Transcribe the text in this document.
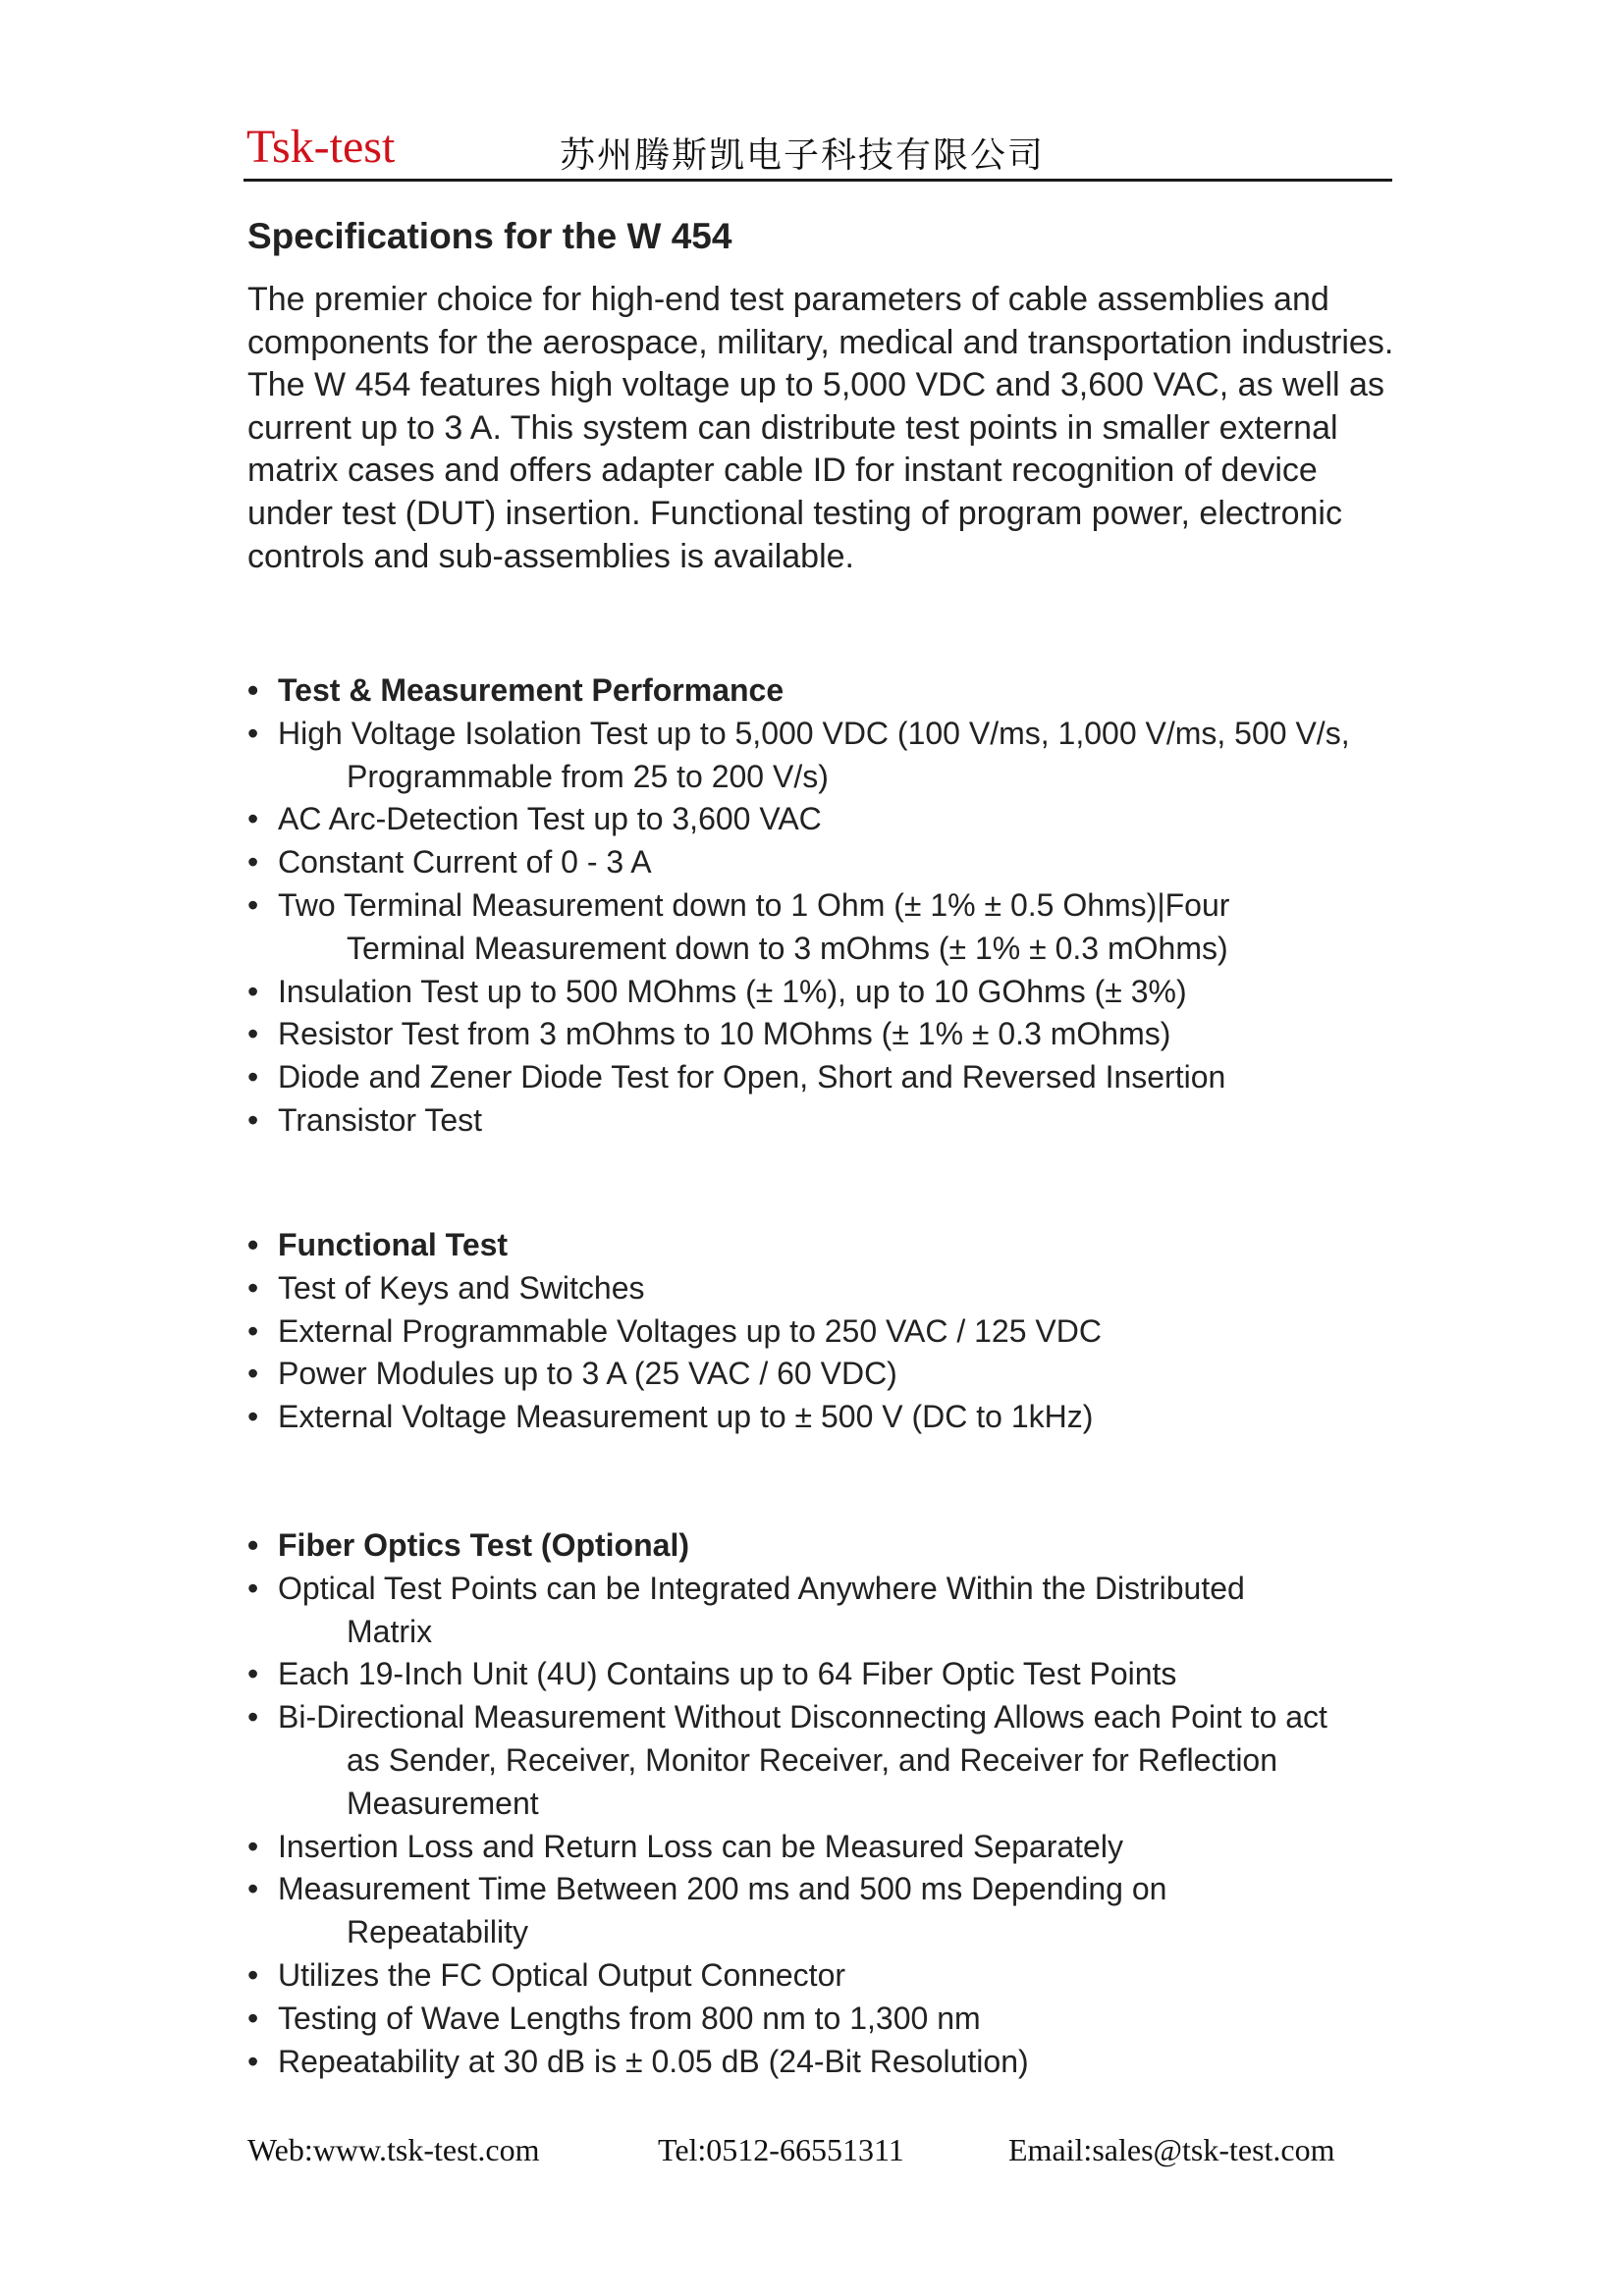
Tsk-test	苏州腾斯凯电子科技有限公司
Specifications for the W 454

The premier choice for high-end test parameters of cable assemblies and components for the aerospace, military, medical and transportation industries. The W 454 features high voltage up to 5,000 VDC and 3,600 VAC, as well as current up to 3 A. This system can distribute test points in smaller external matrix cases and offers adapter cable ID for instant recognition of device under test (DUT) insertion. Functional testing of program power, electronic controls and sub-assemblies is available.

• Test & Measurement Performance
• High Voltage Isolation Test up to 5,000 VDC (100 V/ms, 1,000 V/ms, 500 V/s,
Programmable from 25 to 200 V/s)
• AC Arc-Detection Test up to 3,600 VAC
• Constant Current of 0 - 3 A
• Two Terminal Measurement down to 1 Ohm (± 1% ± 0.5 Ohms)|Four
Terminal Measurement down to 3 mOhms (± 1% ± 0.3 mOhms)
• Insulation Test up to 500 MOhms (± 1%), up to 10 GOhms (± 3%)
• Resistor Test from 3 mOhms to 10 MOhms (± 1% ± 0.3 mOhms)
• Diode and Zener Diode Test for Open, Short and Reversed Insertion
• Transistor Test
• Functional Test
• Test of Keys and Switches
• External Programmable Voltages up to 250 VAC / 125 VDC
• Power Modules up to 3 A (25 VAC / 60 VDC)
• External Voltage Measurement up to ± 500 V (DC to 1kHz)
• Fiber Optics Test (Optional)
• Optical Test Points can be Integrated Anywhere Within the Distributed
Matrix
• Each 19-Inch Unit (4U) Contains up to 64 Fiber Optic Test Points
• Bi-Directional Measurement Without Disconnecting Allows each Point to act
as Sender, Receiver, Monitor Receiver, and Receiver for Reflection
Measurement
• Insertion Loss and Return Loss can be Measured Separately
• Measurement Time Between 200 ms and 500 ms Depending on
Repeatability
• Utilizes the FC Optical Output Connector
• Testing of Wave Lengths from 800 nm to 1,300 nm
• Repeatability at 30 dB is ± 0.05 dB (24-Bit Resolution)
Web:www.tsk-test.com	Tel:0512-66551311	Email:sales@tsk-test.com
